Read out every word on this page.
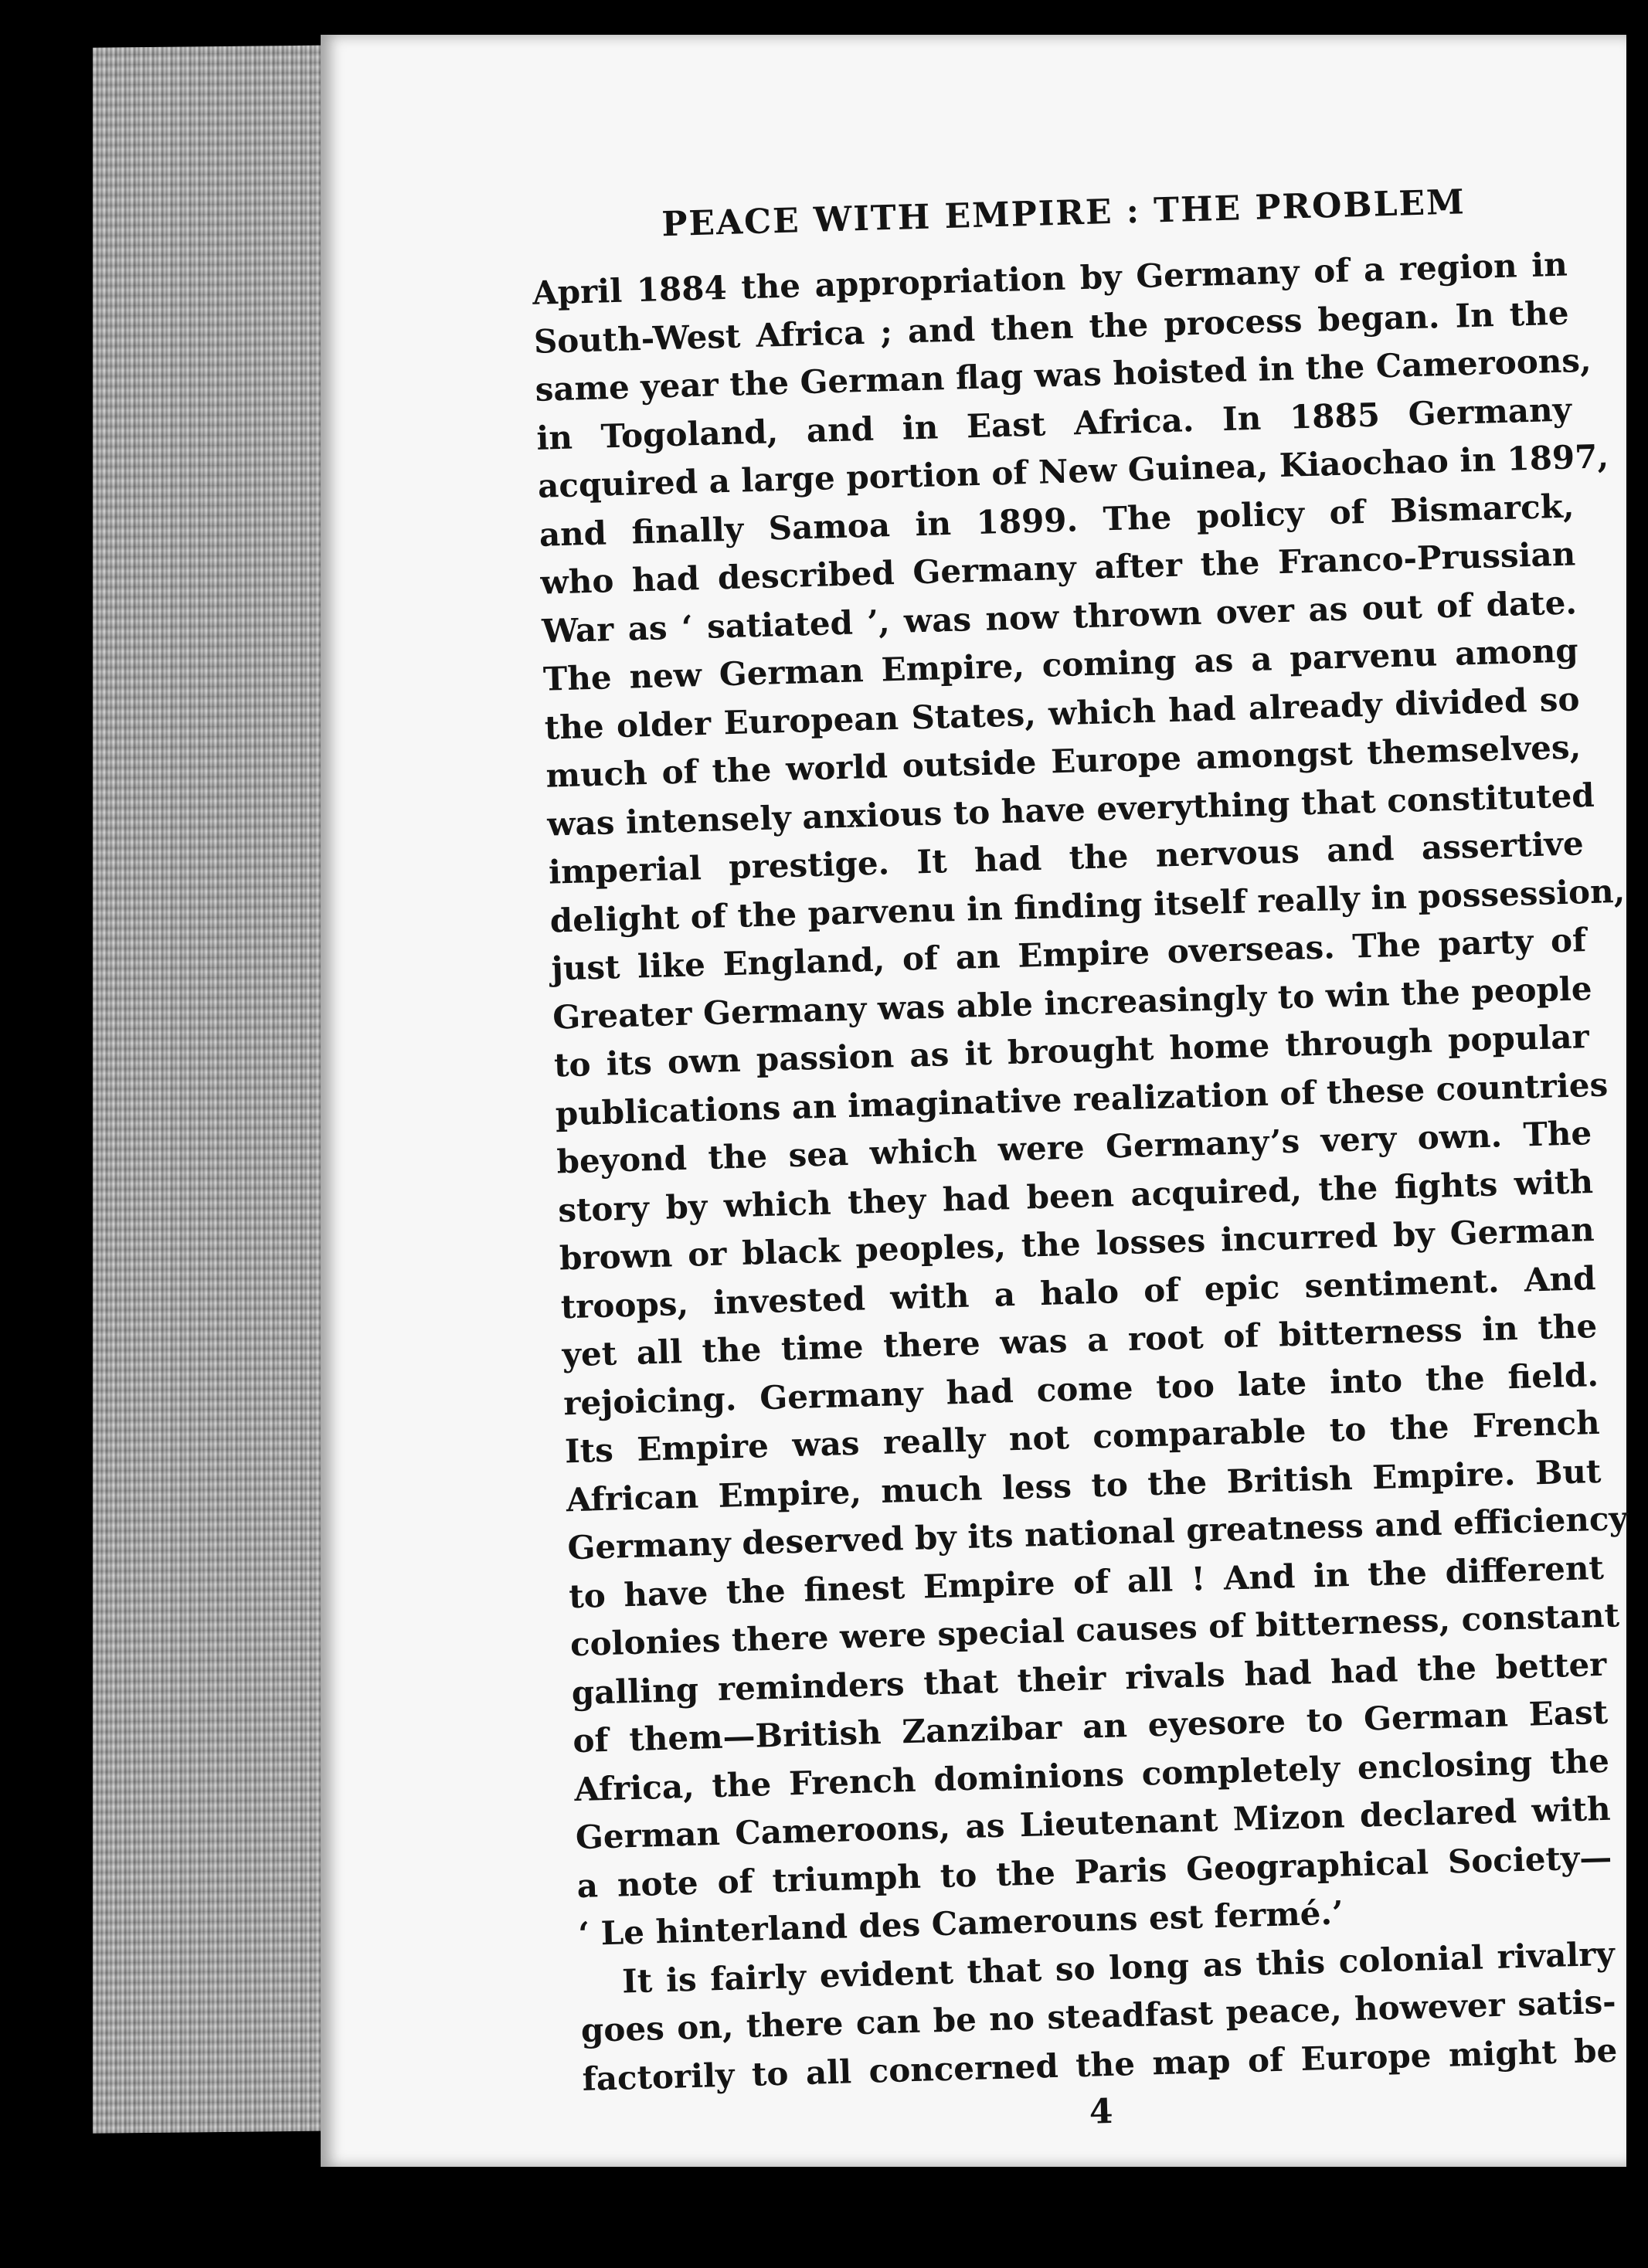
PEACE WITH EMPIRE : THE PROBLEM
April 1884 the appropriation by Germany of a region in
South-West Africa ; and then the process began. In the
same year the German flag was hoisted in the Cameroons,
in Togoland, and in East Africa. In 1885 Germany
acquired a large portion of New Guinea, Kiaochao in 1897,
and finally Samoa in 1899. The policy of Bismarck,
who had described Germany after the Franco-Prussian
War as ‘ satiated ’, was now thrown over as out of date.
The new German Empire, coming as a parvenu among
the older European States, which had already divided so
much of the world outside Europe amongst themselves,
was intensely anxious to have everything that constituted
imperial prestige. It had the nervous and assertive
delight of the parvenu in finding itself really in possession,
just like England, of an Empire overseas. The party of
Greater Germany was able increasingly to win the people
to its own passion as it brought home through popular
publications an imaginative realization of these countries
beyond the sea which were Germany’s very own. The
story by which they had been acquired, the fights with
brown or black peoples, the losses incurred by German
troops, invested with a halo of epic sentiment. And
yet all the time there was a root of bitterness in the
rejoicing. Germany had come too late into the field.
Its Empire was really not comparable to the French
African Empire, much less to the British Empire. But
Germany deserved by its national greatness and efficiency
to have the finest Empire of all ! And in the different
colonies there were special causes of bitterness, constant
galling reminders that their rivals had had the better
of them—British Zanzibar an eyesore to German East
Africa, the French dominions completely enclosing the
German Cameroons, as Lieutenant Mizon declared with
a note of triumph to the Paris Geographical Society—
‘ Le hinterland des Camerouns est fermé.’
It is fairly evident that so long as this colonial rivalry
goes on, there can be no steadfast peace, however satis-
factorily to all concerned the map of Europe might be
4
